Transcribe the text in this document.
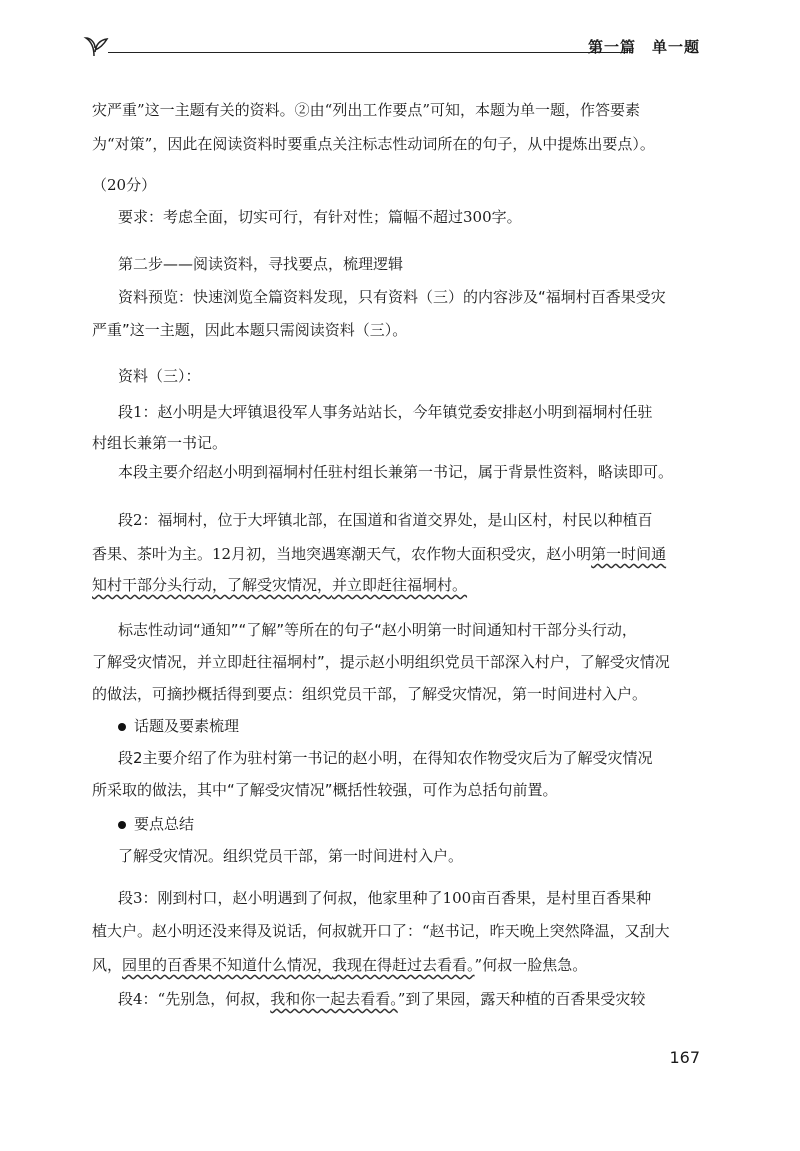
第一篇　单一题
灾严重”这一主题有关的资料。②由“列出工作要点”可知，本题为单一题，作答要素
为“对策”，因此在阅读资料时要重点关注标志性动词所在的句子，从中提炼出要点）。
（20分）
要求：考虑全面，切实可行，有针对性；篇幅不超过300字。
第二步——阅读资料，寻找要点，梳理逻辑
资料预览：快速浏览全篇资料发现，只有资料（三）的内容涉及“福垌村百香果受灾
严重”这一主题，因此本题只需阅读资料（三）。
资料（三）：
段1：赵小明是大坪镇退役军人事务站站长，今年镇党委安排赵小明到福垌村任驻
村组长兼第一书记。
本段主要介绍赵小明到福垌村任驻村组长兼第一书记，属于背景性资料，略读即可。
段2：福垌村，位于大坪镇北部，在国道和省道交界处，是山区村，村民以种植百
香果、茶叶为主。12月初，当地突遇寒潮天气，农作物大面积受灾，赵小明第一时间通
知村干部分头行动，了解受灾情况，并立即赶往福垌村。
标志性动词“通知”“了解”等所在的句子“赵小明第一时间通知村干部分头行动，
了解受灾情况，并立即赶往福垌村”，提示赵小明组织党员干部深入村户，了解受灾情况
的做法，可摘抄概括得到要点：组织党员干部，了解受灾情况，第一时间进村入户。
话题及要素梳理
段2主要介绍了作为驻村第一书记的赵小明，在得知农作物受灾后为了解受灾情况
所采取的做法，其中“了解受灾情况”概括性较强，可作为总括句前置。
要点总结
了解受灾情况。组织党员干部，第一时间进村入户。
段3：刚到村口，赵小明遇到了何叔，他家里种了100亩百香果，是村里百香果种
植大户。赵小明还没来得及说话，何叔就开口了：“赵书记，昨天晚上突然降温，又刮大
风，园里的百香果不知道什么情况，我现在得赶过去看看。”何叔一脸焦急。
段4：“先别急，何叔，我和你一起去看看。”到了果园，露天种植的百香果受灾较
167
